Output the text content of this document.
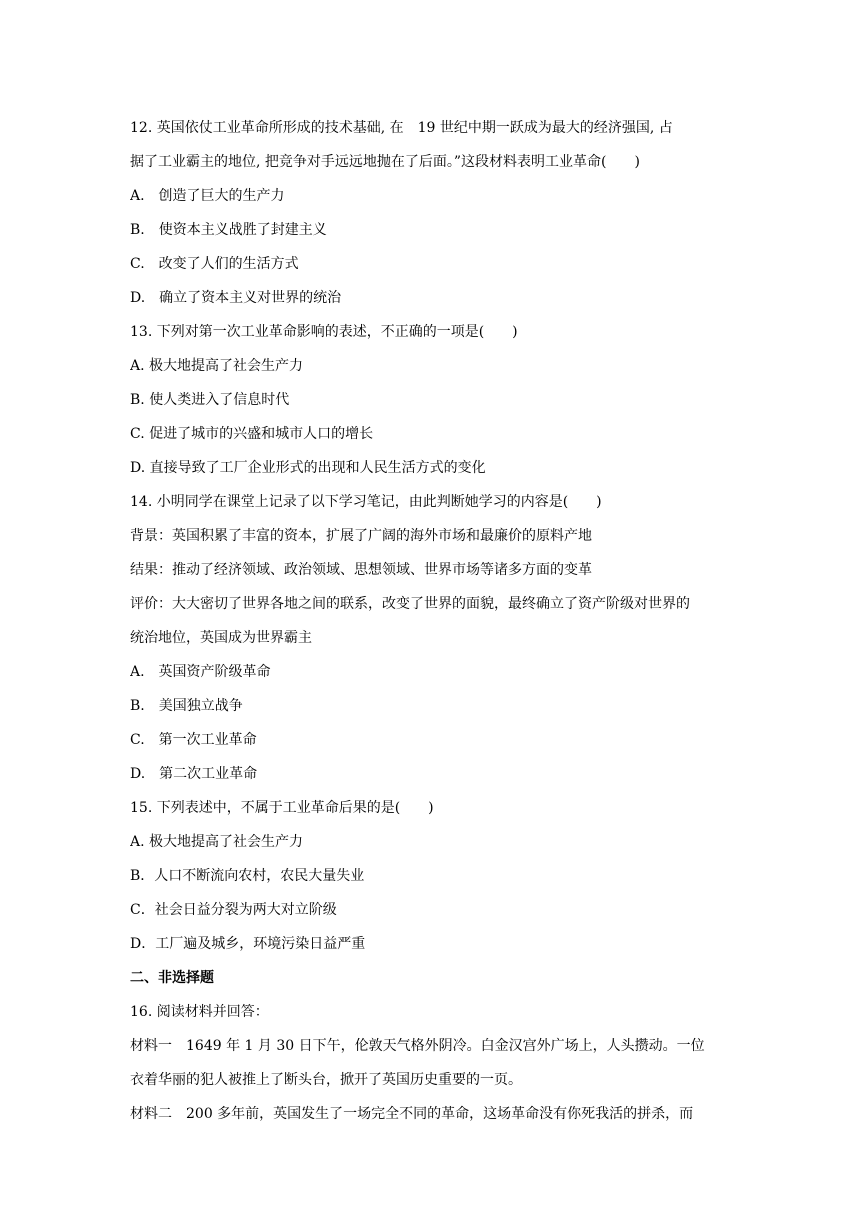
12. 英国依仗工业革命所形成的技术基础, 在　19 世纪中期一跃成为最大的经济强国, 占
据了工业霸主的地位, 把竞争对手远远地抛在了后面。”这段材料表明工业革命(　　)
A.　创造了巨大的生产力
B.　使资本主义战胜了封建主义
C.　改变了人们的生活方式
D.　确立了资本主义对世界的统治
13. 下列对第一次工业革命影响的表述，不正确的一项是(　　)
A. 极大地提高了社会生产力
B. 使人类进入了信息时代
C. 促进了城市的兴盛和城市人口的增长
D. 直接导致了工厂企业形式的出现和人民生活方式的变化
14. 小明同学在课堂上记录了以下学习笔记，由此判断她学习的内容是(　　)
背景：英国积累了丰富的资本，扩展了广阔的海外市场和最廉价的原料产地
结果：推动了经济领域、政治领域、思想领域、世界市场等诸多方面的变革
评价：大大密切了世界各地之间的联系，改变了世界的面貌，最终确立了资产阶级对世界的
统治地位，英国成为世界霸主
A.　英国资产阶级革命
B.　美国独立战争
C.　第一次工业革命
D.　第二次工业革命
15. 下列表述中，不属于工业革命后果的是(　　)
A. 极大地提高了社会生产力
B．人口不断流向农村，农民大量失业
C．社会日益分裂为两大对立阶级
D．工厂遍及城乡，环境污染日益严重
二、非选择题
16. 阅读材料并回答：
材料一　1649 年 1 月 30 日下午，伦敦天气格外阴冷。白金汉宫外广场上，人头攒动。一位
衣着华丽的犯人被推上了断头台，掀开了英国历史重要的一页。
材料二　200 多年前，英国发生了一场完全不同的革命，这场革命没有你死我活的拼杀，而
